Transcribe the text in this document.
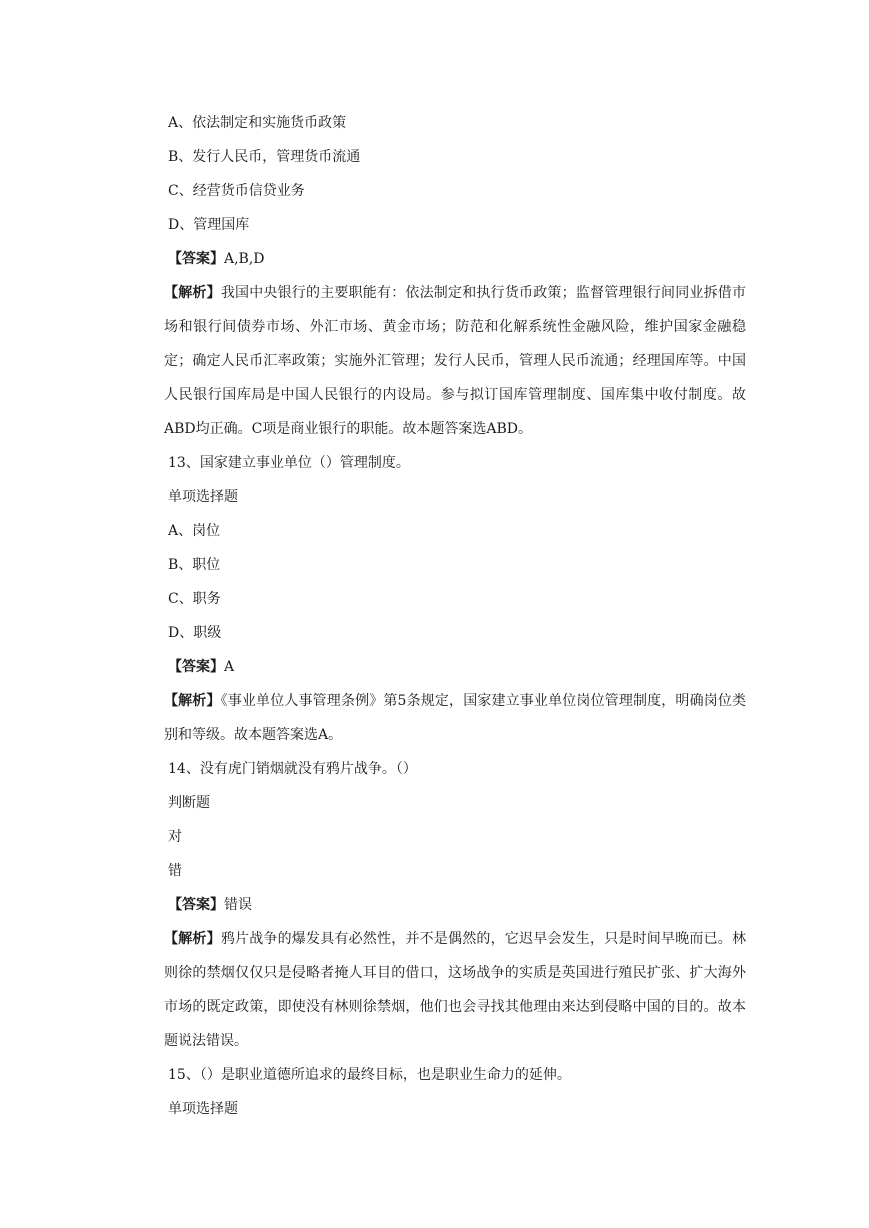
A、依法制定和实施货币政策
B、发行人民币，管理货币流通
C、经营货币信贷业务
D、管理国库
【答案】A,B,D

【解析】我国中央银行的主要职能有：依法制定和执行货币政策；监督管理银行间同业拆借市场和银行间债券市场、外汇市场、黄金市场；防范和化解系统性金融风险，维护国家金融稳定；确定人民币汇率政策；实施外汇管理；发行人民币，管理人民币流通；经理国库等。中国人民银行国库局是中国人民银行的内设局。参与拟订国库管理制度、国库集中收付制度。故ABD均正确。C项是商业银行的职能。故本题答案选ABD。

13、国家建立事业单位（）管理制度。
单项选择题
A、岗位
B、职位
C、职务
D、职级
【答案】A

【解析】《事业单位人事管理条例》第5条规定，国家建立事业单位岗位管理制度，明确岗位类别和等级。故本题答案选A。

14、没有虎门销烟就没有鸦片战争。（）
判断题
对
错
【答案】错误

【解析】鸦片战争的爆发具有必然性，并不是偶然的，它迟早会发生，只是时间早晚而已。林则徐的禁烟仅仅只是侵略者掩人耳目的借口，这场战争的实质是英国进行殖民扩张、扩大海外市场的既定政策，即使没有林则徐禁烟，他们也会寻找其他理由来达到侵略中国的目的。故本题说法错误。

15、（）是职业道德所追求的最终目标，也是职业生命力的延伸。
单项选择题
